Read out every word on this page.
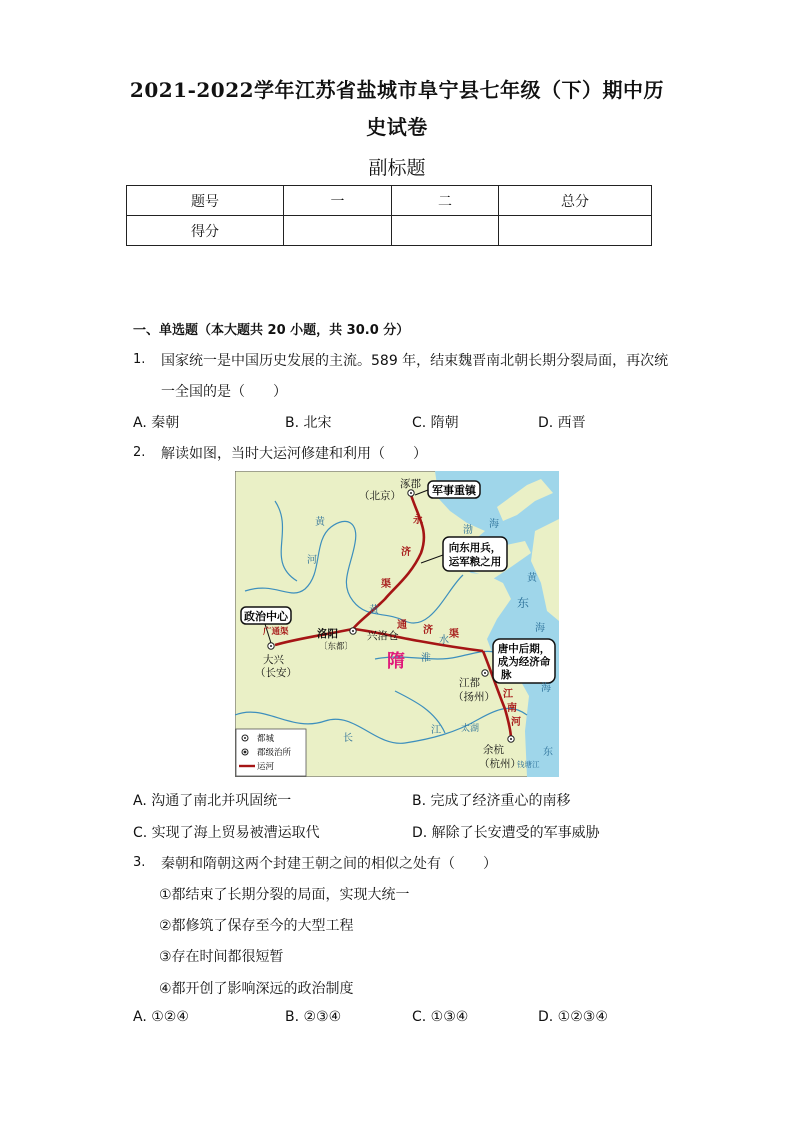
2021-2022学年江苏省盐城市阜宁县七年级（下）期中历
史试卷
副标题
题号	一	二	总分
得分			
一、单选题（本大题共 20 小题，共 30.0 分）
1. 国家统一是中国历史发展的主流。589 年，结束魏晋南北朝长期分裂局面，再次统
一全国的是（　　）
A. 秦朝	B. 北宋	C. 隋朝	D. 西晋
2. 解读如图，当时大运河修建和利用（　　）
军事重镇
向东用兵，
运军粮之用
政治中心
唐中后期，
成为经济命
脉
涿郡
（北京）
洛阳
〔东都〕
兴洛仓
大兴
（长安）
江都
（扬州）
余杭
（杭州）
隋
永
济
渠
通 济 渠
广通渠
江
南
河
黄
河
黄
淮
水
长
江
渤
海
黄
海
东
海
东
太湖
钱塘江
都城
郡级治所
运河
A. 沟通了南北并巩固统一	B. 完成了经济重心的南移
C. 实现了海上贸易被漕运取代	D. 解除了长安遭受的军事威胁
3. 秦朝和隋朝这两个封建王朝之间的相似之处有（　　）
①都结束了长期分裂的局面，实现大统一
②都修筑了保存至今的大型工程
③存在时间都很短暂
④都开创了影响深远的政治制度
A. ①②④	B. ②③④	C. ①③④	D. ①②③④
